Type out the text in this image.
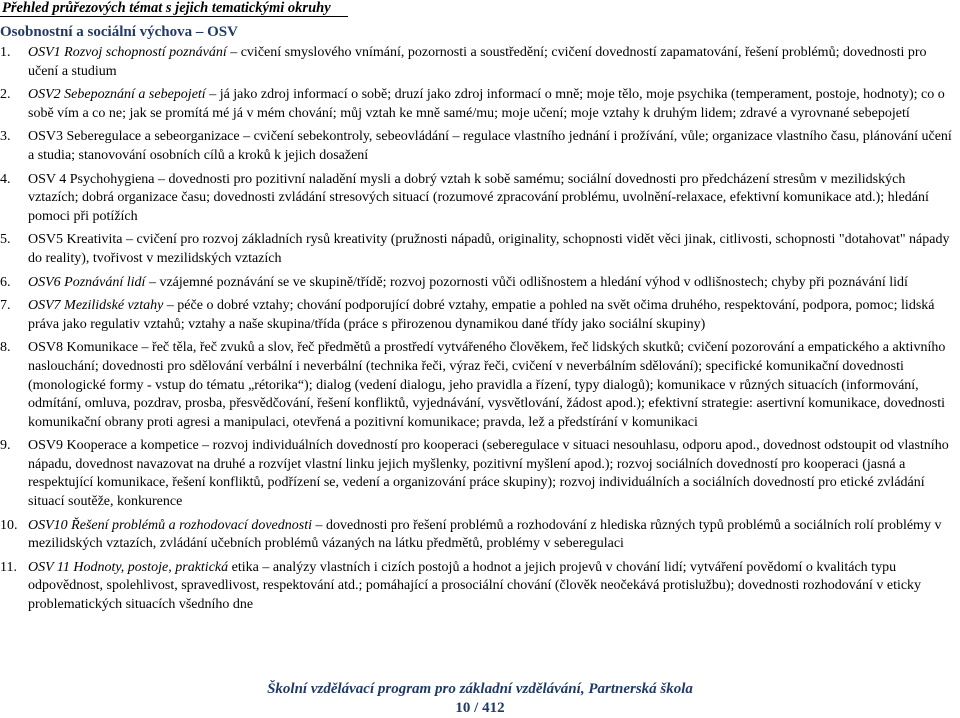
Přehled průřezových témat s jejich tematickými okruhy
Osobnostní a sociální výchova – OSV
1.	OSV1 Rozvoj schopností poznávání – cvičení smyslového vnímání, pozornosti a soustředění; cvičení dovedností zapamatování, řešení problémů; dovednosti pro učení a studium
2.	OSV2 Sebepoznání a sebepojetí – já jako zdroj informací o sobě; druzí jako zdroj informací o mně; moje tělo, moje psychika (temperament, postoje, hodnoty); co o sobě vím a co ne; jak se promítá mé já v mém chování; můj vztah ke mně samé/mu; moje učení; moje vztahy k druhým lidem; zdravé a vyrovnané sebepojetí
3.	OSV3 Seberegulace a sebeorganizace – cvičení sebekontroly, sebeovládání – regulace vlastního jednání i prožívání, vůle; organizace vlastního času, plánování učení a studia; stanovování osobních cílů a kroků k jejich dosažení
4.	OSV 4 Psychohygiena – dovednosti pro pozitivní naladění mysli a dobrý vztah k sobě samému; sociální dovednosti pro předcházení stresům v mezilidských vztazích; dobrá organizace času; dovednosti zvládání stresových situací (rozumové zpracování problému, uvolnění-relaxace, efektivní komunikace atd.); hledání pomoci při potížích
5.	OSV5 Kreativita – cvičení pro rozvoj základních rysů kreativity (pružnosti nápadů, originality, schopnosti vidět věci jinak, citlivosti, schopnosti "dotahovat" nápady do reality), tvořivost v mezilidských vztazích
6.	OSV6 Poznávání lidí – vzájemné poznávání se ve skupině/třídě; rozvoj pozornosti vůči odlišnostem a hledání výhod v odlišnostech; chyby při poznávání lidí
7.	OSV7 Mezilidské vztahy – péče o dobré vztahy; chování podporující dobré vztahy, empatie a pohled na svět očima druhého, respektování, podpora, pomoc; lidská práva jako regulativ vztahů; vztahy a naše skupina/třída (práce s přirozenou dynamikou dané třídy jako sociální skupiny)
8.	OSV8 Komunikace – řeč těla, řeč zvuků a slov, řeč předmětů a prostředí vytvářeného člověkem, řeč lidských skutků; cvičení pozorování a empatického a aktivního naslouchání; dovednosti pro sdělování verbální i neverbální (technika řeči, výraz řeči, cvičení v neverbálním sdělování); specifické komunikační dovednosti (monologické formy - vstup do tématu „rétorika“); dialog (vedení dialogu, jeho pravidla a řízení, typy dialogů); komunikace v různých situacích (informování, odmítání, omluva, pozdrav, prosba, přesvědčování, řešení konfliktů, vyjednávání, vysvětlování, žádost apod.); efektivní strategie: asertivní komunikace, dovednosti komunikační obrany proti agresi a manipulaci, otevřená a pozitivní komunikace; pravda, lež a předstírání v komunikaci
9.	OSV9 Kooperace a kompetice – rozvoj individuálních dovedností pro kooperaci (seberegulace v situaci nesouhlasu, odporu apod., dovednost odstoupit od vlastního nápadu, dovednost navazovat na druhé a rozvíjet vlastní linku jejich myšlenky, pozitivní myšlení apod.); rozvoj sociálních dovedností pro kooperaci (jasná a respektující komunikace, řešení konfliktů, podřízení se, vedení a organizování práce skupiny); rozvoj individuálních a sociálních dovedností pro etické zvládání situací soutěže, konkurence
10. OSV10 Řešení problémů a rozhodovací dovednosti – dovednosti pro řešení problémů a rozhodování z hlediska různých typů problémů a sociálních rolí problémy v mezilidských vztazích, zvládání učebních problémů vázaných na látku předmětů, problémy v seberegulaci
11. OSV 11 Hodnoty, postoje, praktická etika – analýzy vlastních i cizích postojů a hodnot a jejich projevů v chování lidí; vytváření povědomí o kvalitách typu odpovědnost, spolehlivost, spravedlivost, respektování atd.; pomáhající a prosociální chování (člověk neočekává protislužbu); dovednosti rozhodování v eticky problematických situacích všedního dne
Školní vzdělávací program pro základní vzdělávání, Partnerská škola
10 / 412
